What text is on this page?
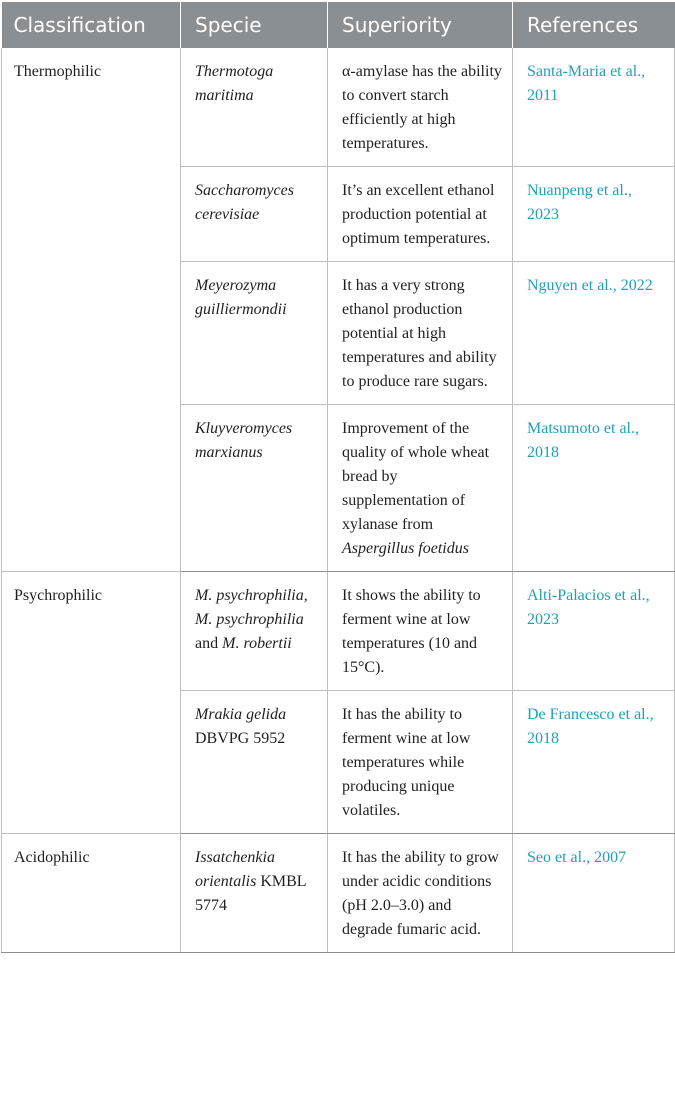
Classification	Specie	Superiority	References
Thermophilic	Thermotoga maritima	α-amylase has the ability to convert starch efficiently at high temperatures.	Santa-Maria et al., 2011
	Saccharomyces cerevisiae	It’s an excellent ethanol production potential at optimum temperatures.	Nuanpeng et al., 2023
	Meyerozyma guilliermondii	It has a very strong ethanol production potential at high temperatures and ability to produce rare sugars.	Nguyen et al., 2022
	Kluyveromyces marxianus	Improvement of the quality of whole wheat bread by supplementation of xylanase from Aspergillus foetidus	Matsumoto et al., 2018
Psychrophilic	M. psychrophilia, M. psychrophilia and M. robertii	It shows the ability to ferment wine at low temperatures (10 and 15°C).	Alti-Palacios et al., 2023
	Mrakia gelida DBVPG 5952	It has the ability to ferment wine at low temperatures while producing unique volatiles.	De Francesco et al., 2018
Acidophilic	Issatchenkia orientalis KMBL 5774	It has the ability to grow under acidic conditions (pH 2.0–3.0) and degrade fumaric acid.	Seo et al., 2007
